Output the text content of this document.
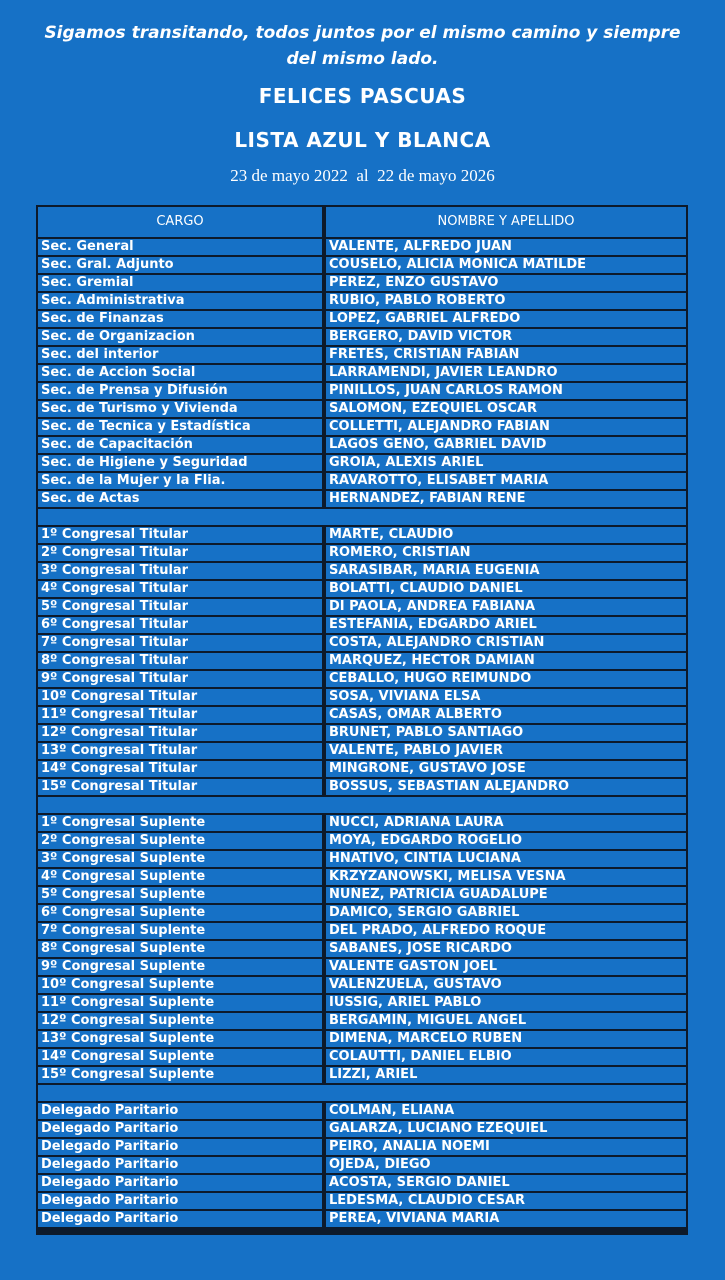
Sigamos transitando, todos juntos por el mismo camino y siempre del mismo lado.
FELICES PASCUAS
LISTA AZUL Y BLANCA
23 de mayo 2022  al  22 de mayo 2026
CARGO	NOMBRE Y APELLIDO
Sec. General	VALENTE, ALFREDO JUAN
Sec. Gral. Adjunto	COUSELO, ALICIA MONICA MATILDE
Sec. Gremial	PEREZ, ENZO GUSTAVO
Sec. Administrativa	RUBIO, PABLO ROBERTO
Sec. de Finanzas	LOPEZ, GABRIEL ALFREDO
Sec. de Organizacion	BERGERO, DAVID VICTOR
Sec. del interior	FRETES, CRISTIAN FABIAN
Sec. de Accion Social	LARRAMENDI, JAVIER LEANDRO
Sec. de Prensa y Difusión	PINILLOS, JUAN CARLOS RAMON
Sec. de Turismo y Vivienda	SALOMON, EZEQUIEL OSCAR
Sec. de Tecnica y Estadística	COLLETTI, ALEJANDRO FABIAN
Sec. de Capacitación	LAGOS GENO, GABRIEL DAVID
Sec. de Higiene y Seguridad	GROIA, ALEXIS ARIEL
Sec. de la Mujer y la Flia.	RAVAROTTO, ELISABET MARIA
Sec. de Actas	HERNANDEZ, FABIAN RENE
1º Congresal Titular	MARTE, CLAUDIO
2º Congresal Titular	ROMERO, CRISTIAN
3º Congresal Titular	SARASIBAR, MARIA EUGENIA
4º Congresal Titular	BOLATTI, CLAUDIO DANIEL
5º Congresal Titular	DI PAOLA, ANDREA FABIANA
6º Congresal Titular	ESTEFANIA, EDGARDO ARIEL
7º Congresal Titular	COSTA, ALEJANDRO CRISTIAN
8º Congresal Titular	MARQUEZ, HECTOR DAMIAN
9º Congresal Titular	CEBALLO, HUGO REIMUNDO
10º Congresal Titular	SOSA, VIVIANA ELSA
11º Congresal Titular	CASAS, OMAR ALBERTO
12º Congresal Titular	BRUNET, PABLO SANTIAGO
13º Congresal Titular	VALENTE, PABLO JAVIER
14º Congresal Titular	MINGRONE, GUSTAVO JOSE
15º Congresal Titular	BOSSUS, SEBASTIAN ALEJANDRO
1º Congresal Suplente	NUCCI, ADRIANA LAURA
2º Congresal Suplente	MOYA, EDGARDO ROGELIO
3º Congresal Suplente	HNATIVO, CINTIA LUCIANA
4º Congresal Suplente	KRZYZANOWSKI, MELISA VESNA
5º Congresal Suplente	NUÑEZ, PATRICIA GUADALUPE
6º Congresal Suplente	DAMICO, SERGIO GABRIEL
7º Congresal Suplente	DEL PRADO, ALFREDO ROQUE
8º Congresal Suplente	SABANES, JOSE RICARDO
9º Congresal Suplente	VALENTE GASTON JOEL
10º Congresal Suplente	VALENZUELA, GUSTAVO
11º Congresal Suplente	IUSSIG, ARIEL PABLO
12º Congresal Suplente	BERGAMIN, MIGUEL ANGEL
13º Congresal Suplente	DIMENA, MARCELO RUBEN
14º Congresal Suplente	COLAUTTI, DANIEL ELBIO
15º Congresal Suplente	LIZZI, ARIEL
Delegado Paritario	COLMAN, ELIANA
Delegado Paritario	GALARZA, LUCIANO EZEQUIEL
Delegado Paritario	PEIRO, ANALIA NOEMI
Delegado Paritario	OJEDA, DIEGO
Delegado Paritario	ACOSTA, SERGIO DANIEL
Delegado Paritario	LEDESMA, CLAUDIO CESAR
Delegado Paritario	PEREA, VIVIANA MARIA
